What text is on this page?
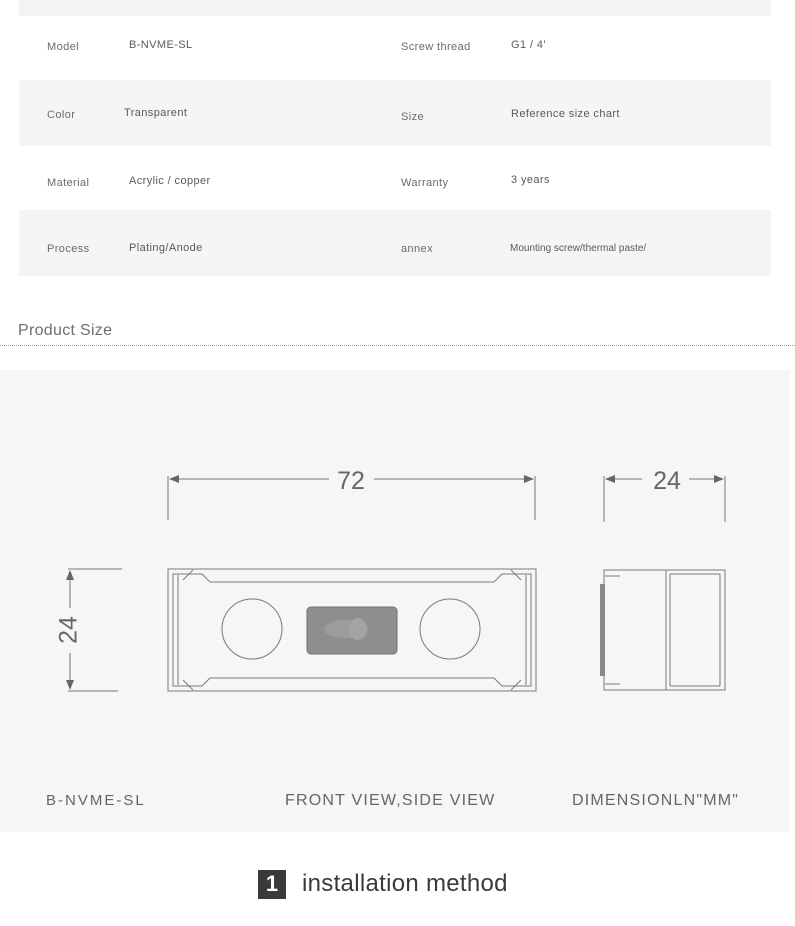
Model	B-NVME-SL	Screw thread	G1 / 4'
Color	Transparent	Size	Reference size chart
Material	Acrylic / copper	Warranty	3 years
Process	Plating/Anode	annex	Mounting screw/thermal paste/
Product Size
72	24
24
B-NVME-SL	FRONT VIEW,SIDE VIEW	DIMENSIONLN"MM"
1 installation method
